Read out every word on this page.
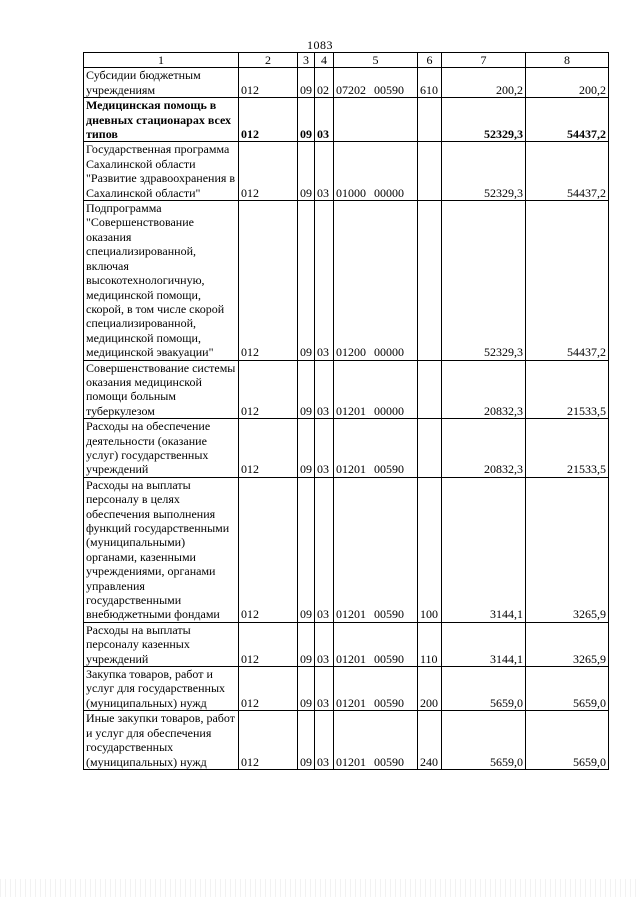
1083
1	2	3	4	5	6	7	8
Субсидии бюджетным учреждениям	012	09	02	07202 00590	610	200,2	200,2
Медицинская помощь в дневных стационарах всех типов	012	09	03			52329,3	54437,2
Государственная программа Сахалинской области "Развитие здравоохранения в Сахалинской области"	012	09	03	01000 00000		52329,3	54437,2
Подпрограмма "Совершенствование оказания специализированной, включая высокотехнологичную, медицинской помощи, скорой, в том числе скорой специализированной, медицинской помощи, медицинской эвакуации"	012	09	03	01200 00000		52329,3	54437,2
Совершенствование системы оказания медицинской помощи больным туберкулезом	012	09	03	01201 00000		20832,3	21533,5
Расходы на обеспечение деятельности (оказание услуг) государственных учреждений	012	09	03	01201 00590		20832,3	21533,5
Расходы на выплаты персоналу в целях обеспечения выполнения функций государственными (муниципальными) органами, казенными учреждениями, органами управления государственными внебюджетными фондами	012	09	03	01201 00590	100	3144,1	3265,9
Расходы на выплаты персоналу казенных учреждений	012	09	03	01201 00590	110	3144,1	3265,9
Закупка товаров, работ и услуг для государственных (муниципальных) нужд	012	09	03	01201 00590	200	5659,0	5659,0
Иные закупки товаров, работ и услуг для обеспечения государственных (муниципальных) нужд	012	09	03	01201 00590	240	5659,0	5659,0
